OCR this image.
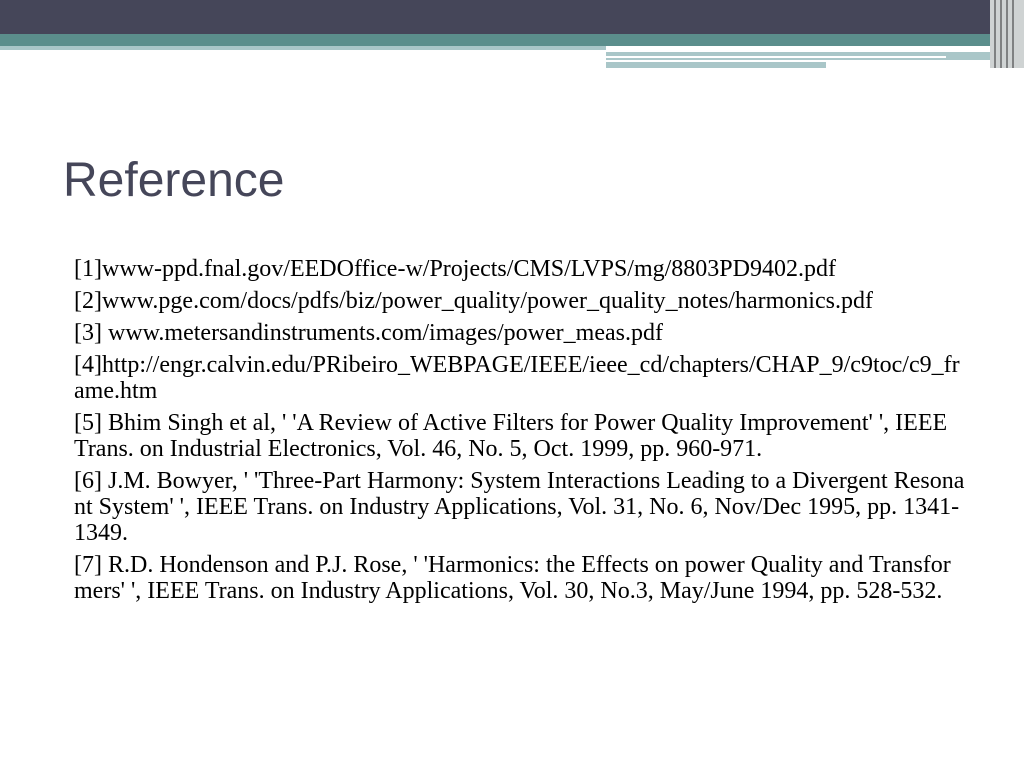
Reference
[1]www-ppd.fnal.gov/EEDOffice-w/Projects/CMS/LVPS/mg/8803PD9402.pdf
[2]www.pge.com/docs/pdfs/biz/power_quality/power_quality_notes/harmonics.pdf
[3] www.metersandinstruments.com/images/power_meas.pdf
[4]http://engr.calvin.edu/PRibeiro_WEBPAGE/IEEE/ieee_cd/chapters/CHAP_9/c9toc/c9_frame.htm
[5] Bhim Singh et al, ' 'A Review of Active Filters for Power Quality Improvement' ', IEEE Trans. on Industrial Electronics, Vol. 46, No. 5, Oct. 1999, pp. 960-971.
[6] J.M. Bowyer, ' 'Three-Part Harmony: System Interactions Leading to a Divergent Resonant System' ', IEEE Trans. on Industry Applications, Vol. 31, No. 6, Nov/Dec 1995, pp. 1341-1349.
[7] R.D. Hondenson and P.J. Rose, ' 'Harmonics: the Effects on power Quality and Transformers' ', IEEE Trans. on Industry Applications, Vol. 30, No.3, May/June 1994, pp. 528-532.
